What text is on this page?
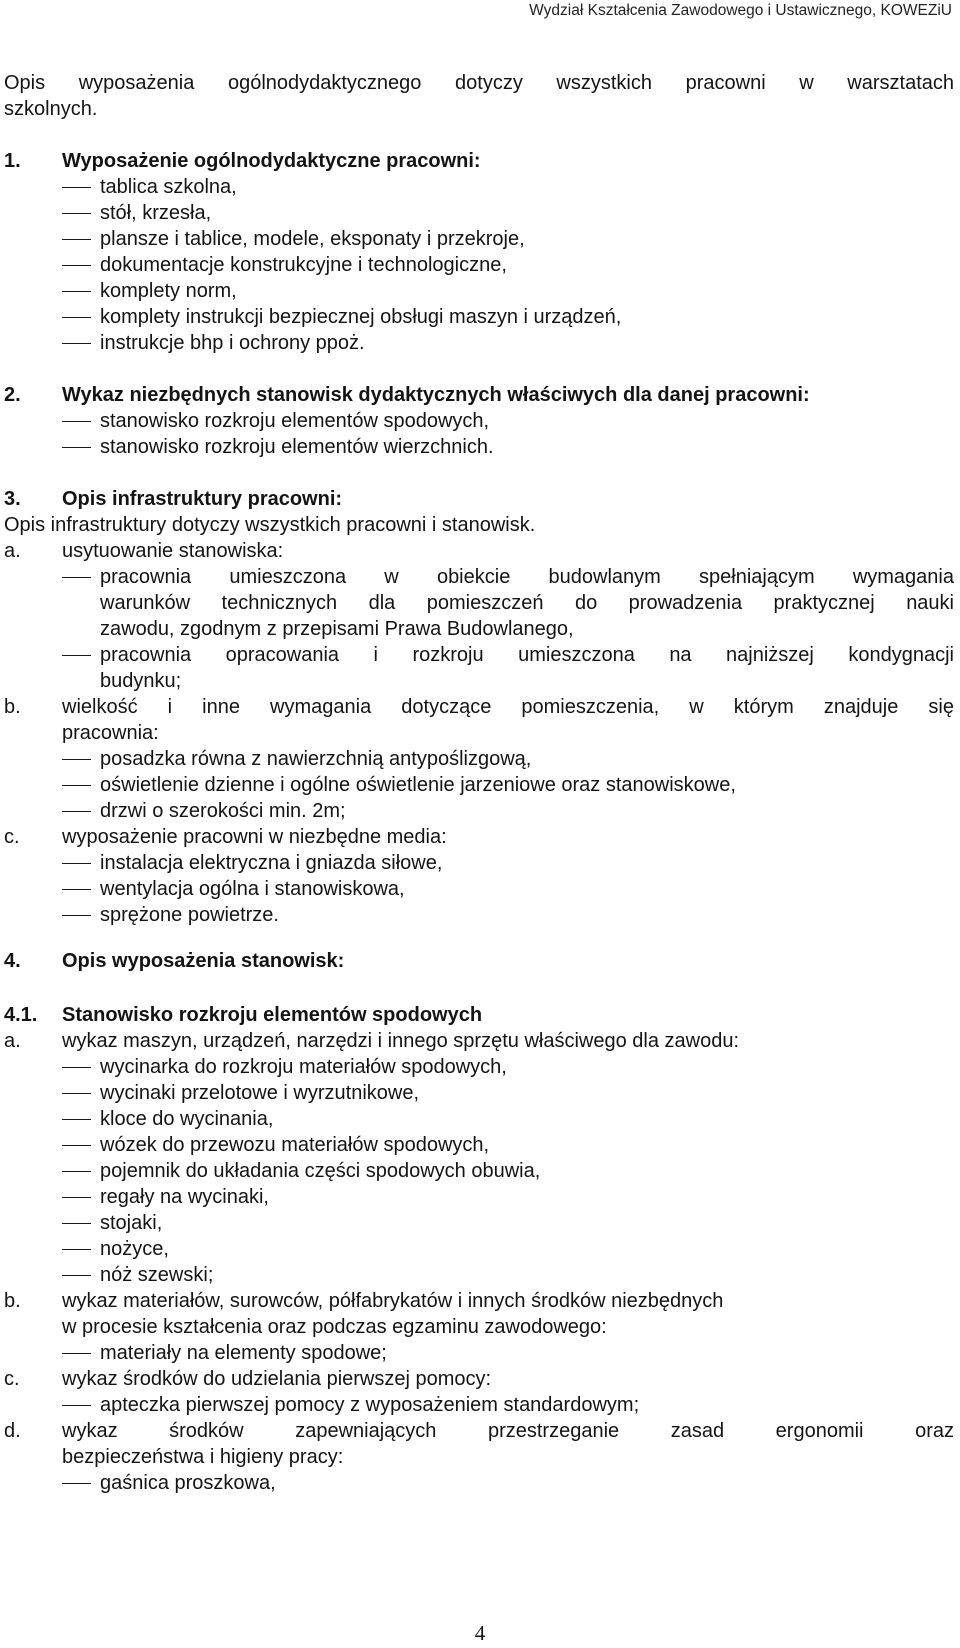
Wydział Kształcenia Zawodowego i Ustawicznego, KOWEZiU
Opis wyposażenia ogólnodydaktycznego dotyczy wszystkich pracowni w warsztatach
szkolnych.
1. Wyposażenie ogólnodydaktyczne pracowni:
tablica szkolna,
stół, krzesła,
plansze i tablice, modele, eksponaty i przekroje,
dokumentacje konstrukcyjne i technologiczne,
komplety norm,
komplety instrukcji bezpiecznej obsługi maszyn i urządzeń,
instrukcje bhp i ochrony ppoż.
2. Wykaz niezbędnych stanowisk dydaktycznych właściwych dla danej pracowni:
stanowisko rozkroju elementów spodowych,
stanowisko rozkroju elementów wierzchnich.
3. Opis infrastruktury pracowni:
Opis infrastruktury dotyczy wszystkich pracowni i stanowisk.
a. usytuowanie stanowiska:
pracownia umieszczona w obiekcie budowlanym spełniającym wymagania
warunków technicznych dla pomieszczeń do prowadzenia praktycznej nauki
zawodu, zgodnym z przepisami Prawa Budowlanego,
pracownia opracowania i rozkroju umieszczona na najniższej kondygnacji
budynku;
b. wielkość i inne wymagania dotyczące pomieszczenia, w którym znajduje się
pracownia:
posadzka równa z nawierzchnią antypoślizgową,
oświetlenie dzienne i ogólne oświetlenie jarzeniowe oraz stanowiskowe,
drzwi o szerokości min. 2m;
c. wyposażenie pracowni w niezbędne media:
instalacja elektryczna i gniazda siłowe,
wentylacja ogólna i stanowiskowa,
sprężone powietrze.
4. Opis wyposażenia stanowisk:
4.1. Stanowisko rozkroju elementów spodowych
a. wykaz maszyn, urządzeń, narzędzi i innego sprzętu właściwego dla zawodu:
wycinarka do rozkroju materiałów spodowych,
wycinaki przelotowe i wyrzutnikowe,
kloce do wycinania,
wózek do przewozu materiałów spodowych,
pojemnik do układania części spodowych obuwia,
regały na wycinaki,
stojaki,
nożyce,
nóż szewski;
b. wykaz materiałów, surowców, półfabrykatów i innych środków niezbędnych
w procesie kształcenia oraz podczas egzaminu zawodowego:
materiały na elementy spodowe;
c. wykaz środków do udzielania pierwszej pomocy:
apteczka pierwszej pomocy z wyposażeniem standardowym;
d. wykaz środków zapewniających przestrzeganie zasad ergonomii oraz
bezpieczeństwa i higieny pracy:
gaśnica proszkowa,
4
